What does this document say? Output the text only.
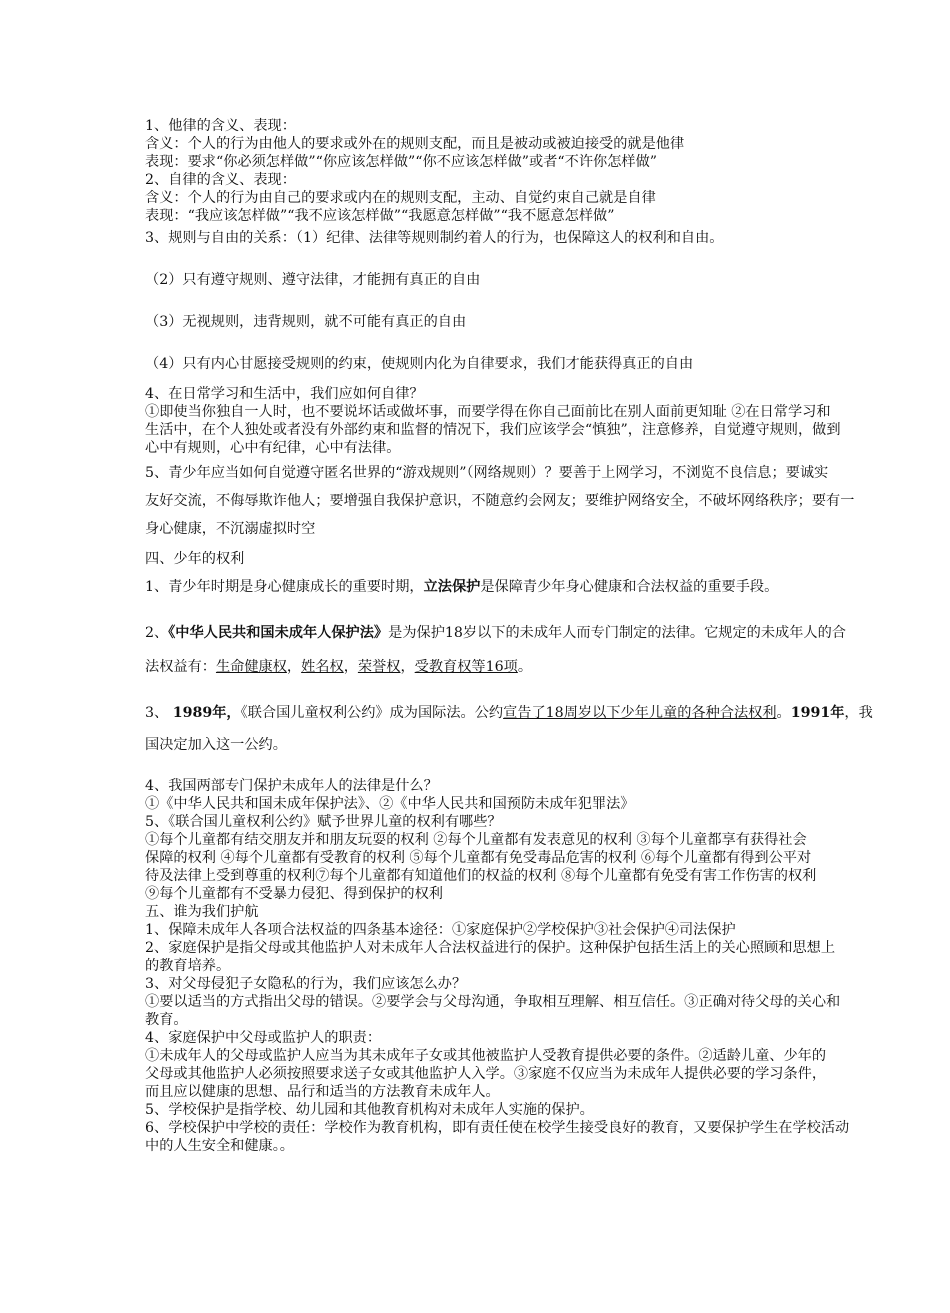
1、他律的含义、表现：
含义：个人的行为由他人的要求或外在的规则支配，而且是被动或被迫接受的就是他律
表现：要求“你必须怎样做”“你应该怎样做”“你不应该怎样做”或者“不许你怎样做”
2、自律的含义、表现：
含义：个人的行为由自己的要求或内在的规则支配，主动、自觉约束自己就是自律
表现：“我应该怎样做”“我不应该怎样做”“我愿意怎样做”“我不愿意怎样做”
3、规则与自由的关系：（1）纪律、法律等规则制约着人的行为，也保障这人的权利和自由。
（2）只有遵守规则、遵守法律，才能拥有真正的自由
（3）无视规则，违背规则，就不可能有真正的自由
（4）只有内心甘愿接受规则的约束，使规则内化为自律要求，我们才能获得真正的自由
4、在日常学习和生活中，我们应如何自律？
①即使当你独自一人时，也不要说坏话或做坏事，而要学得在你自己面前比在别人面前更知耻 ②在日常学习和
生活中，在个人独处或者没有外部约束和监督的情况下，我们应该学会“慎独”，注意修养，自觉遵守规则，做到
心中有规则，心中有纪律，心中有法律。
5、青少年应当如何自觉遵守匿名世界的“游戏规则”（网络规则）？要善于上网学习，不浏览不良信息；要诚实
友好交流，不侮辱欺诈他人；要增强自我保护意识，不随意约会网友；要维护网络安全，不破坏网络秩序；要有一
身心健康，不沉溺虚拟时空
四、少年的权利
1、青少年时期是身心健康成长的重要时期，立法保护是保障青少年身心健康和合法权益的重要手段。
2、《中华人民共和国未成年人保护法》是为保护18岁以下的未成年人而专门制定的法律。它规定的未成年人的合
法权益有：生命健康权，姓名权，荣誉权，受教育权等16项。
3、 1989年，《联合国儿童权利公约》成为国际法。公约宣告了18周岁以下少年儿童的各种合法权利。1991年，我
国决定加入这一公约。
4、我国两部专门保护未成年人的法律是什么？
①《中华人民共和国未成年保护法》、②《中华人民共和国预防未成年犯罪法》
5、《联合国儿童权利公约》赋予世界儿童的权利有哪些？
①每个儿童都有结交朋友并和朋友玩耍的权利 ②每个儿童都有发表意见的权利 ③每个儿童都享有获得社会
保障的权利 ④每个儿童都有受教育的权利 ⑤每个儿童都有免受毒品危害的权利 ⑥每个儿童都有得到公平对
待及法律上受到尊重的权利⑦每个儿童都有知道他们的权益的权利 ⑧每个儿童都有免受有害工作伤害的权利
⑨每个儿童都有不受暴力侵犯、得到保护的权利
五、谁为我们护航
1、保障未成年人各项合法权益的四条基本途径：①家庭保护②学校保护③社会保护④司法保护
2、家庭保护是指父母或其他监护人对未成年人合法权益进行的保护。这种保护包括生活上的关心照顾和思想上
的教育培养。
3、对父母侵犯子女隐私的行为，我们应该怎么办？
①要以适当的方式指出父母的错误。②要学会与父母沟通，争取相互理解、相互信任。③正确对待父母的关心和
教育。
4、家庭保护中父母或监护人的职责：
①未成年人的父母或监护人应当为其未成年子女或其他被监护人受教育提供必要的条件。②适龄儿童、少年的
父母或其他监护人必须按照要求送子女或其他监护人入学。③家庭不仅应当为未成年人提供必要的学习条件，
而且应以健康的思想、品行和适当的方法教育未成年人。
5、学校保护是指学校、幼儿园和其他教育机构对未成年人实施的保护。
6、学校保护中学校的责任：学校作为教育机构，即有责任使在校学生接受良好的教育，又要保护学生在学校活动
中的人生安全和健康。。
